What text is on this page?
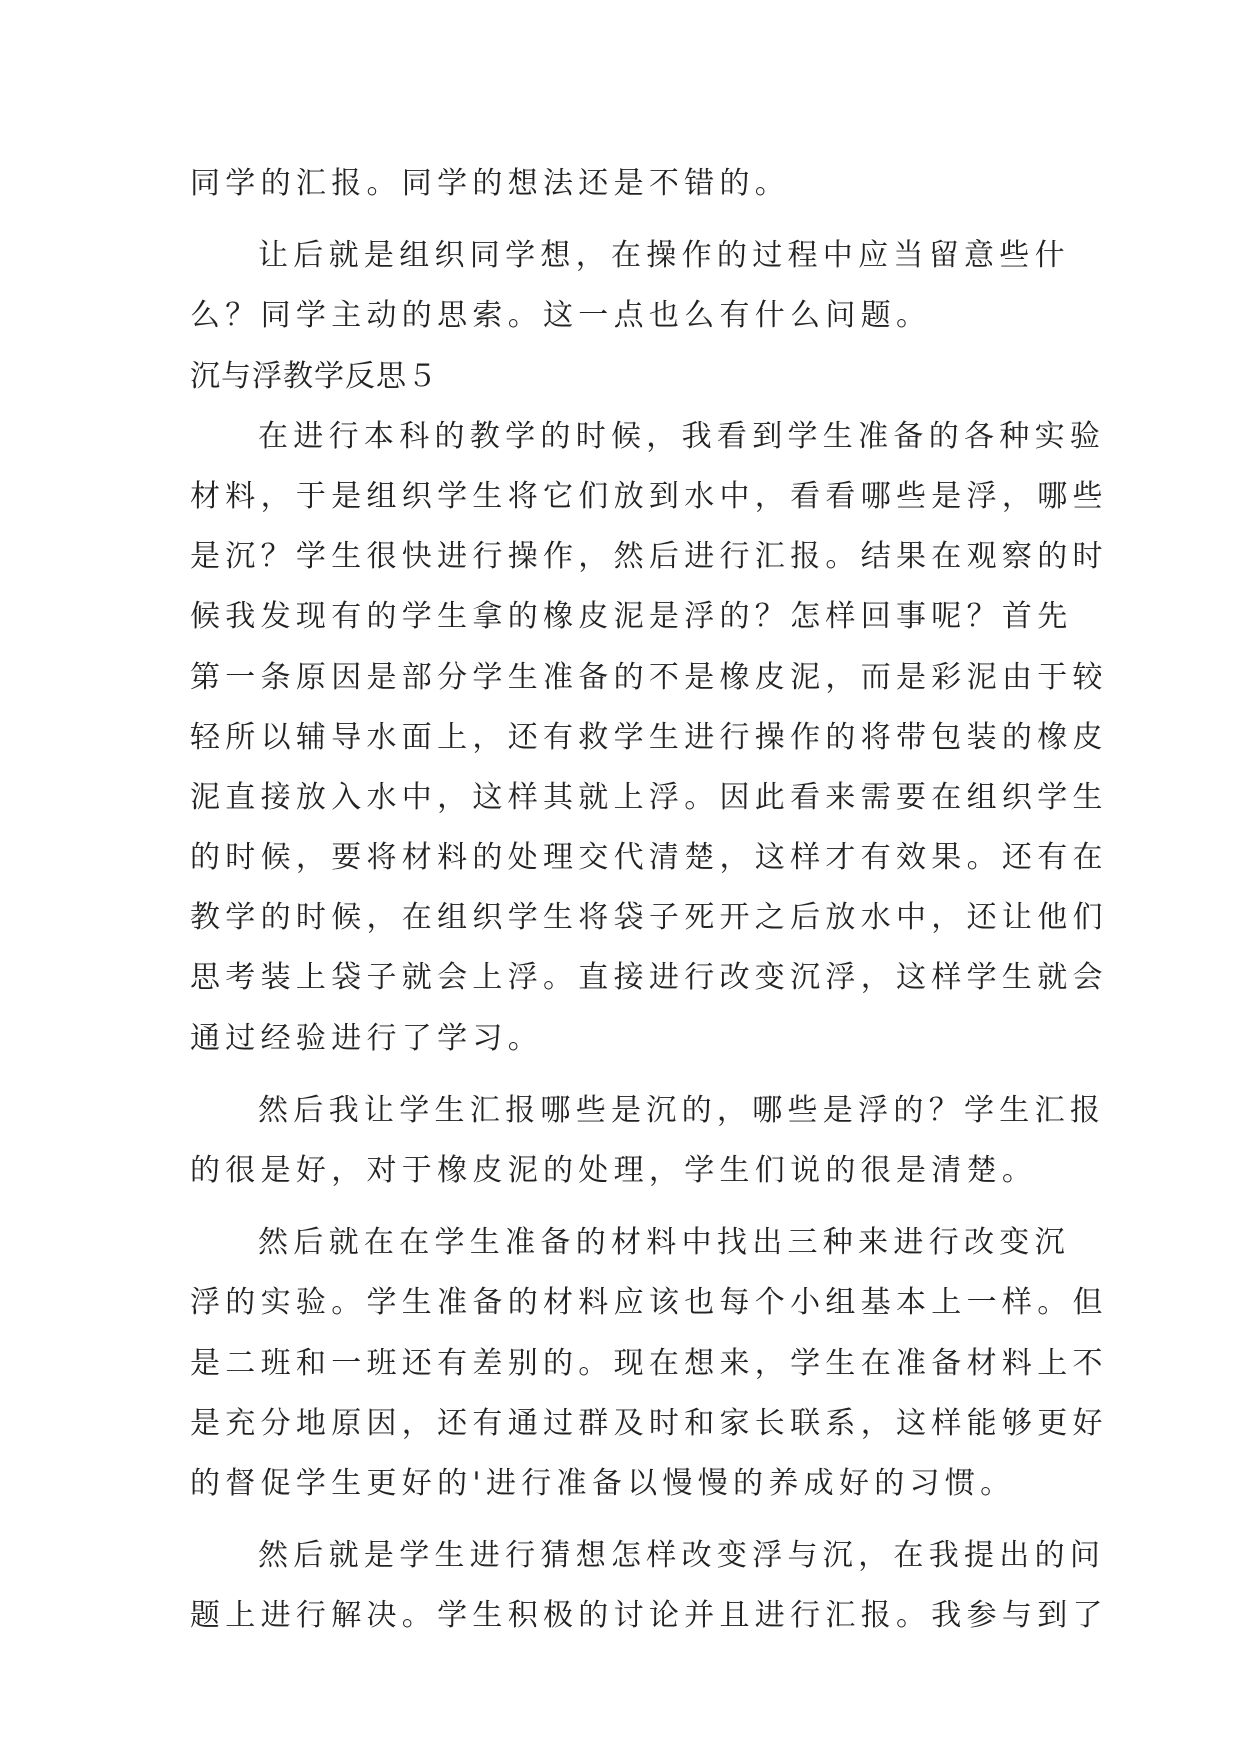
同学的汇报。同学的想法还是不错的。
让后就是组织同学想，在操作的过程中应当留意些什
么？同学主动的思索。这一点也么有什么问题。
沉与浮教学反思５
在进行本科的教学的时候，我看到学生准备的各种实验
材料，于是组织学生将它们放到水中，看看哪些是浮，哪些
是沉？学生很快进行操作，然后进行汇报。结果在观察的时
候我发现有的学生拿的橡皮泥是浮的？怎样回事呢？首先
第一条原因是部分学生准备的不是橡皮泥，而是彩泥由于较
轻所以辅导水面上，还有救学生进行操作的将带包装的橡皮
泥直接放入水中，这样其就上浮。因此看来需要在组织学生
的时候，要将材料的处理交代清楚，这样才有效果。还有在
教学的时候，在组织学生将袋子死开之后放水中，还让他们
思考装上袋子就会上浮。直接进行改变沉浮，这样学生就会
通过经验进行了学习。
然后我让学生汇报哪些是沉的，哪些是浮的？学生汇报
的很是好，对于橡皮泥的处理，学生们说的很是清楚。
然后就在在学生准备的材料中找出三种来进行改变沉
浮的实验。学生准备的材料应该也每个小组基本上一样。但
是二班和一班还有差别的。现在想来，学生在准备材料上不
是充分地原因，还有通过群及时和家长联系，这样能够更好
的督促学生更好的'进行准备以慢慢的养成好的习惯。
然后就是学生进行猜想怎样改变浮与沉，在我提出的问
题上进行解决。学生积极的讨论并且进行汇报。我参与到了
